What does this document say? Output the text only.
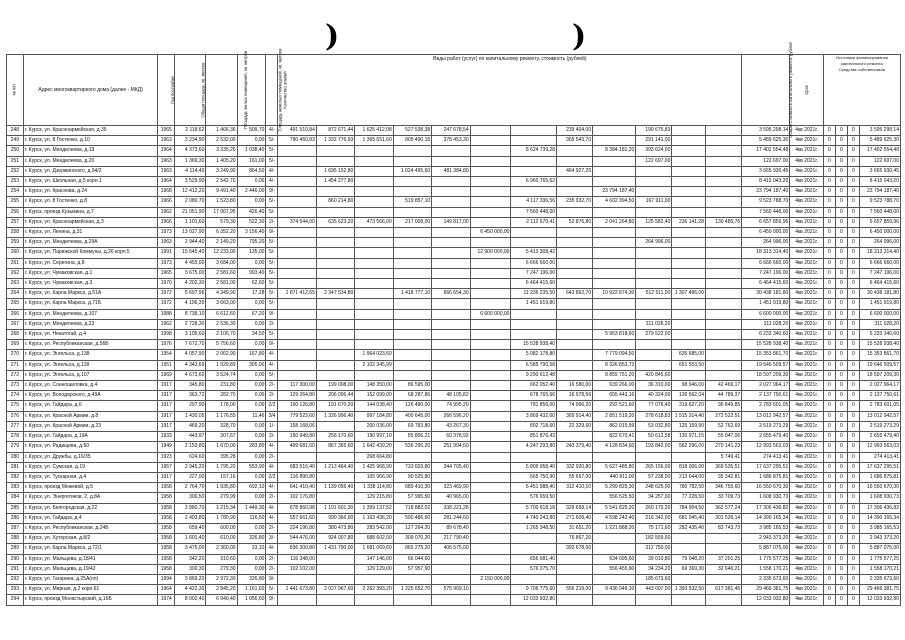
)	)
№ п/п	Адрес многоквартирного дома (далее - МКД)	Год постройки	Общая площадь, кв. метров	Площадь жилых помещений, кв. метров	Площадь нежилых помещений, кв. метров	Количество этажей	Виды работ (услуг) по капитальному ремонту, стоимость (рублей)												Общая стоимость капитального ремонта, рублей	Срок	Источники финансирования капитального ремонта
Средства собственников			
248	г. Курск, ул. Красноармейская, д.35	1965	2 118,62	1 466,36	509,70	4/-	491 510,84	872 671,44	1 625 412,08	527 538,38	247 678,54			239 404,00		190 675,83			3 595 298,14	4кв 2021г.	0	0	0	3 595 298,14
249	г. Курск, ул. 8 Гостенко, д.10	1963	3 234,90	2 532,00	0,00	5/-	790 460,83	1 332 776,93	1 365 651,60	805 490,18	378 453,30			365 543,70		291 141,00			5 489 625,30	4кв 2021г.	0	0	0	5 489 625,30
250	г. Курск, ул. Менделеева, д.19	1964	4 373,60	3 335,26	1 038,40	5/-							8 624 739,28		8 384 181,20	393 624,00			17 402 554,48	4кв 2021г.	0	0	0	17 402 554,48
251	г. Курск, ул. Менделеева, д.20	1963	1 369,30	1 405,20	161,00	5/-										122 697,00			122 697,00	4кв 2021г.	0	0	0	122 697,00
252	г. Курск, ул. Дзержинского, д.94/2	1963	4 114,40	3 249,90	864,50	4/-		1 695 152,80		1 024 495,60	481 384,80			464 927,25					3 665 930,45	4кв 2021г.	0	0	0	3 665 930,45
253	г. Курск, ул. Школьная, д.5 корп.1	1964	3 529,90	2 542,70	0,00	4/-		1 454 277,80					6 960 765,62						8 415 043,20	4кв 2021г.	0	0	0	8 415 043,20
254	г. Курск, ул. Краснова, д.24	1968	12 412,20	9 491,40	2 446,00	9/-									23 794 187,40				23 794 187,40	4кв 2021г.	0	0	0	23 794 187,40
255	г. Курск, ул. 8 Гостенко, д.8	1966	2 080,70	1 523,80	0,00	5/-		860 214,80		519 857,10			4 117 336,56	235 932,70	4 602 394,50	167 911,00			9 523 788,70	4кв 2021г.	0	0	0	9 523 788,70
256	г. Курск, проезд Кузьмина, д.7	1962	21 051,90	17 067,95	426,40	5/-							7 560 448,00						7 560 448,00	4кв 2021г.	0	0	0	7 560 448,00
257	г. Курск, ул. Красноармейская, д.3	1966	1 101,60	579,30	522,30	2/-	374 544,00	635 623,20	473 566,00	217 008,00	149 817,00		2 112 670,41	52 876,80	2 041 264,80	125 582,40	236 141,28	130 485,76	6 657 859,96	4кв 2021г.	0	0	0	6 657 859,96
258	г. Курск, ул. Ленина, д.31	1973	13 027,90	6 352,20	3 156,40	9/-						6 450 000,00							6 450 000,00	4кв 2021г.	0	0	0	6 450 000,00
259	г. Курск, ул. Менделеева, д.29А	1963	2 944,40	2 149,20	795,20	5/-										264 996,00			264 996,00	4кв 2021г.	0	0	0	264 996,00
260	г. Курск, ул. Парижской Коммуны, д.26 корп.5	1991	15 645,40	12 233,00	135,00	5/-						12 900 000,00	5 413 308,42						18 313 314,40	4кв 2021г.	0	0	0	18 313 314,40
261	г. Курск, ул. Серегина, д.8	1973	4 455,00	3 684,00	0,00	5/-							6 666 660,00						6 666 660,00	4кв 2021г.	0	0	0	6 666 660,00
262	г. Курск, ул. Чумаковская, д.1	1965	3 675,00	2 581,60	993,40	5/-							7 247 196,00						7 247 196,00	4кв 2021г.	0	0	0	7 247 196,00
263	г. Курск, ул. Чумаковская, д.3	1970	4 202,30	2 581,00	62,60	5/-							6 464 415,60						6 464 415,60	4кв 2021г.	0	0	0	6 464 415,60
264	г. Курск, ул. Карла Маркса, д.51А	1972	5 697,96	4 349,90	17,28	5/-	1 871 412,65	2 347 534,80		1 418 777,10	666 654,30		11 236 235,50	643 862,70	10 922 874,30	512 511,00	1 307 496,00		30 438 181,80	4кв 2021г.	0	0	0	30 438 181,80
265	г. Курск, ул. Карла Маркса, д.71Б	1972	4 196,30	3 663,00	0,00	5/-							1 451 919,80						1 451 919,80	4кв 2021г.	0	0	0	1 451 919,80
266	г. Курск, ул. Менделеева, д.107	1988	8 738,10	6 612,60	67,20	9/-						6 600 000,00							6 600 000,00	4кв 2021г.	0	0	0	6 600 000,00
267	г. Курск, ул. Менделеева, д.23	1962	2 728,30	2 536,30	0,00	2/-										311 028,20			311 028,20	4кв 2021г.	0	0	0	311 028,20
268	г. Курск, ул. Некатогай, д.4	1998	3 105,60	2 106,70	34,50	5/-									5 953 818,60	279 522,00			6 233 340,60	4кв 2021г.	0	0	0	6 233 340,60
269	г. Курск, ул. Республиканская, д.56Б	1976	7 672,70	5 756,60	0,00	9/-							15 528 938,40						15 528 938,40	4кв 2021г.	0	0	0	15 528 938,40
270	г. Курск, ул. Энгельса, д.138	1954	4 057,90	2 062,90	167,80	4/-			1 964 023,60				5 082 178,80		7 779 094,50		635 685,00		15 353 861,70	4кв 2021г.	0	0	0	15 353 861,70
271	г. Курск, ул. Энгельса, д.139	1951	4 343,69	1 929,89	305,90	4/-			2 102 345,99				6 585 790,58		8 326 853,73		651 553,50		19 646 509,57	4кв 2021г.	0	0	0	19 646 509,57
272	г. Курск, ул. Энгельса, д.107	1969	4 673,60	3 524,74	0,00	5/-							9 290 612,48		8 859 751,20	420 845,60			18 597 209,30	4кв 2021г.	0	0	0	18 597 209,30
273	г. Курск, ул. Сонношиловка, д.4	1917	345,80	231,80	0,00	2/-	117 300,00	199 008,00	148 350,00	86 595,00			662 052,40	16 580,00	639 266,00	36 310,00	98 946,00	42 469,17	2 027 964,17	4кв 2021г.	0	0	0	2 027 964,17
274	г. Курск, ул. Володарского, д.49А	1917	363,72	282,70	0,00	2/-	129 264,80	206 006,44	152 099,00	68 287,86	48 105,82		678 765,66	16 978,56	655 443,16	40 324,00	136 562,04	44 789,37	2 137 750,61	4кв 2021г.	0	0	0	2 137 750,61
275	г. Курск, ул. Гайдара, д.6	1917	297,90	178,00	0,00	2/2	160 126,80	191 670,20	144 038,40	126 490,00	74 995,20		781 856,00	74 996,20	292 521,60	77 076,40	319 627,20	36 849,85	2 783 601,05	4кв 2021г.	0	0	0	2 783 601,05
276	г. Курск, ул. Красной Армии, д.8	1917	1 430,05	1 176,55	11,46	3/4	779 523,60	1 326 996,40	997 184,80	400 645,00	266 596,20		3 869 432,00	369 914,40	2 851 519,20	278 618,83	1 515 314,40	272 522,51	13 012 942,57	4кв 2021г.	0	0	0	13 012 942,57
277	г. Курск, ул. Красной Армии, д.23	1917	469,20	328,70	0,00	1/-	158 168,06		200 036,00	69 783,80	43 267,30		892 718,60	22 329,60	862 015,99	53 032,80	125 159,90	52 762,69	2 519 273,29	4кв 2021г.	0	0	0	2 519 273,29
278	г. Курск, ул. Гайдара, д.19А	1933	443,97	307,67	0,00	2/-	150 949,80	256 170,60	190 997,10	85 806,21	60 378,92		851 876,43		822 670,41	50 612,58	130 971,15	55 047,06	2 655 479,40	4кв 2021г.	0	0	0	2 655 479,40
279	г. Курск, ул. Радищева, д.50	1949	2 153,80	1 670,00	283,80	4/-	499 681,60	867 365,60	1 642 439,20	536 295,20	251 994,60		4 247 293,80	243 379,40	4 128 834,60	193 842,00	562 296,00	270 141,23	12 993 563,03	4кв 2021г.	0	0	0	12 993 563,03
280	г. Курск, ул. Дружбы, д.16/35	1923	624,60	395,28	0,00	2/-			268 664,80									5 749,41	274 413,41	4кв 2021г.	0	0	0	274 413,41
281	г. Курск, ул. Сумская, д.19	1957	2 945,20	1 795,20	553,90	4/-	683 516,40	1 213 464,40	1 425 968,90	733 603,80	344 705,40		5 809 958,40	332 920,80	5 627 485,80	265 156,00	818 006,00	369 535,51	17 637 295,51	4кв 2021г.	0	0	0	17 637 295,51
282	г. Курск, ул. Тускарная, д.4	1917	227,00	157,16	0,00	2/2	116 890,80		105 966,90	90 525,80			565 750,90	55 667,00	440 811,00	57 238,00	213 644,00	35 342,81	1 686 875,81	4кв 2021г.	0	0	0	1 686 875,81
283	г. Курск, проезд Межевой, д.5	1958	2 764,70	1 935,80	692,10	4/-	641 410,40	1 139 056,40	1 338 114,80	689 410,30	323 469,90		5 451 988,40	312 410,10	5 299 825,30	248 625,00	780 782,50	346 755,60	16 550 670,30	4кв 2021г.	0	0	0	16 550 670,30
284	г. Курск, ул. Энергетиков, 2, д.8А	1958	300,50	279,99	0,00	2/-	102 176,80		129 215,80	57 995,50	40 965,00		576 659,50		556 525,50	34 257,00	77 228,50	33 709,73	1 608 930,73	4кв 2021г.	0	0	0	1 608 930,73
285	г. Курск, ул. Белгородская, д.22	1958	2 880,70	1 215,34	1 449,30	4/-	678 860,98	1 191 601,30	1 399 137,52	718 882,02	338 221,28		5 700 618,18	329 658,14	5 541 825,20	260 170,20	784 904,50	362 577,24	17 306 436,82	4кв 2021г.	0	0	0	17 306 436,82
286	г. Курск, ул. Гайдара, д.4	1958	2 403,80	1 780,90	116,50	4/-	557 661,60	990 366,60	1 163 436,20	590 486,60	281 244,60		4 740 243,80	271 609,40	4 598 242,40	216 342,00	681 045,40	301 526,14	14 390 165,34	4кв 2021г.	0	0	0	14 390 165,34
287	г. Курск, ул. Республиканская, д.24Б	1958	659,40	600,00	0,00	2/-	224 196,80	380 473,80	283 542,00	127 264,20	89 678,40		1 265 348,50	31 651,20	1 221 888,20	75 171,60	282 435,40	83 743,73	3 985 165,53	4кв 2021г.	0	0	0	3 985 165,53
288	г. Курск, ул. Хуторская, д.8/2	1958	1 601,40	610,00	326,80	3/-	544 476,00	924 007,80	688 602,00	309 070,20	217 790,40			76 867,20		182 559,60			2 943 373,20	4кв 2021г.	0	0	0	2 943 373,20
289	г. Курск, ул. Карла Маркса, д.72/1	1958	3 475,00	2 360,00	23,10	4/-	836 300,80	1 431 790,00	1 681 069,60	865 275,20	406 575,00			392 678,00		312 750,00			5 887 075,00	4кв 2021г.	0	0	0	5 887 075,00
290	г. Курск, ул. Мальцева, д.18/41	1958	342,20	310,60	0,00	2/-	116 348,00		147 146,00	66 044,60			656 681,40		634 095,60	39 010,80	79 048,20	37 201,25	1 775 577,25	4кв 2021г.	0	0	0	1 775 577,25
291	г. Курск, ул. Мальцева, д.19/42	1958	300,30	279,30	0,00	2/-	102 102,00		129 129,00	57 957,90			576 275,70		556 455,90	34 234,20	69 369,30	32 646,21	1 558 170,21	4кв 2021г.	0	0	0	1 558 170,21
292	г. Курск, ул. Гагарина, д.25А(пл)	1994	3 869,20	2 972,30	326,80	9/-						2 150 000,00				185 673,60			2 335 673,60	4кв 2021г.	0	0	0	2 335 673,60
293	г. Курск, ул. Мирная, д.2 корп.61	1964	4 422,30	2 845,20	1 161,60	5/-	1 441 673,80	2 027 967,60	2 262 393,20	1 225 652,70	575 909,10		9 706 775,60	556 219,00	9 436 049,10	443 007,00	1 393 532,50	617 381,45	29 466 381,75	4кв 2021г.	0	0	0	29 466 381,75
294	г. Курск, проезд Монастырский, д.16Б	1974	8 002,40	6 940,40	1 056,60	9/-							12 033 932,80						12 033 932,80	4кв 2021г.	0	0	0	12 033 932,80
